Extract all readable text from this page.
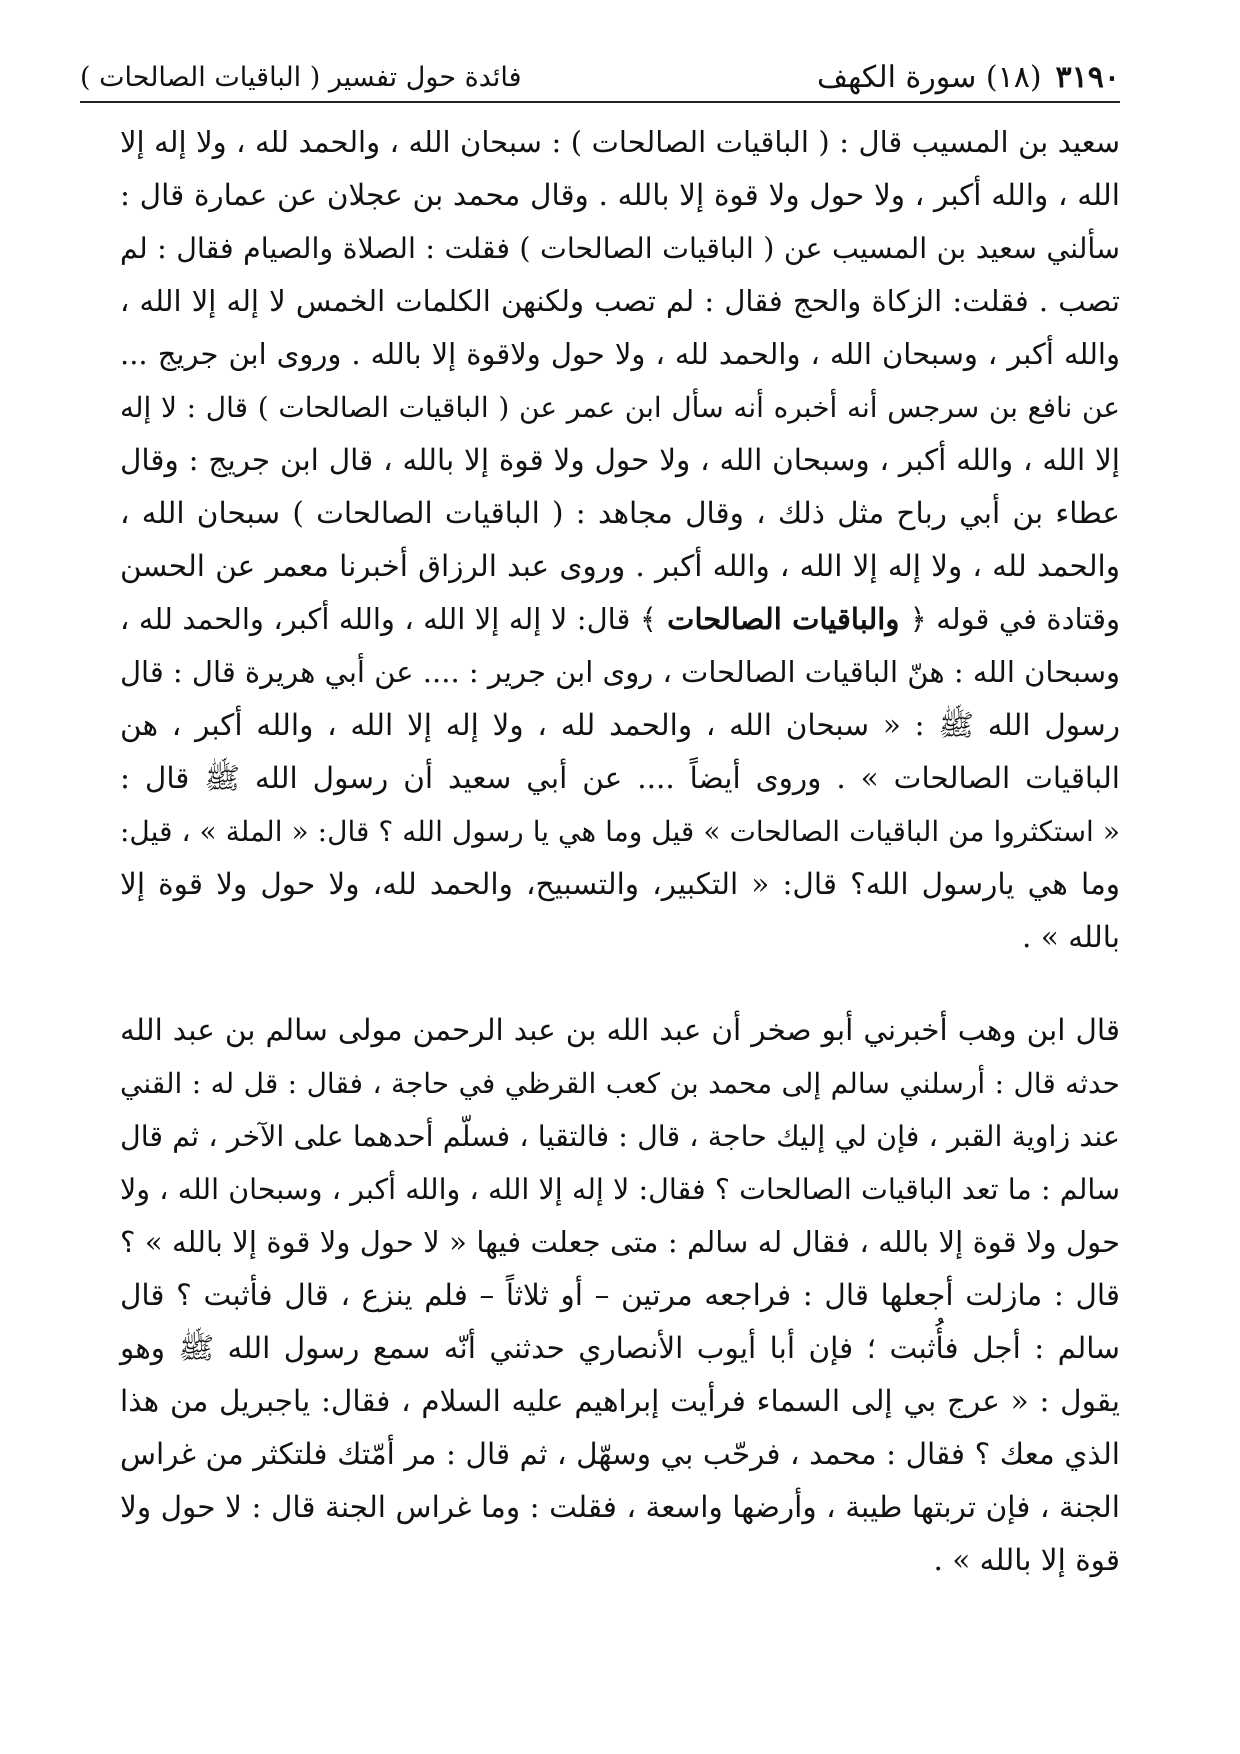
٣١٩٠(١٨) سورة الكهف
فائدة حول تفسير ( الباقيات الصالحات )
سعيد بن المسيب قال : ( الباقيات الصالحات ) : سبحان الله ، والحمد لله ، ولا إله إلا
الله ، والله أكبر ، ولا حول ولا قوة إلا بالله . وقال محمد بن عجلان عن عمارة قال :
سألني سعيد بن المسيب عن ( الباقيات الصالحات ) فقلت : الصلاة والصيام فقال : لم
تصب . فقلت: الزكاة والحج فقال : لم تصب ولكنهن الكلمات الخمس لا إله إلا الله ،
والله أكبر ، وسبحان الله ، والحمد لله ، ولا حول ولاقوة إلا بالله . وروى ابن جريج ...
عن نافع بن سرجس أنه أخبره أنه سأل ابن عمر عن ( الباقيات الصالحات ) قال : لا إله
إلا الله ، والله أكبر ، وسبحان الله ، ولا حول ولا قوة إلا بالله ، قال ابن جريج : وقال
عطاء بن أبي رباح مثل ذلك ، وقال مجاهد : ( الباقيات الصالحات ) سبحان الله ،
والحمد لله ، ولا إله إلا الله ، والله أكبر . وروى عبد الرزاق أخبرنا معمر عن الحسن
وقتادة في قوله ﴿ والباقيات الصالحات ﴾ قال: لا إله إلا الله ، والله أكبر، والحمد لله ،
وسبحان الله : هنّ الباقيات الصالحات ، روى ابن جرير : .... عن أبي هريرة قال : قال
رسول الله ﷺ : « سبحان الله ، والحمد لله ، ولا إله إلا الله ، والله أكبر ، هن
الباقيات الصالحات » . وروى أيضاً .... عن أبي سعيد أن رسول الله ﷺ قال :
« استكثروا من الباقيات الصالحات » قيل وما هي يا رسول الله ؟ قال: « الملة » ، قيل:
وما هي يارسول الله؟ قال: « التكبير، والتسبيح، والحمد لله، ولا حول ولا قوة إلا
بالله » .
قال ابن وهب أخبرني أبو صخر أن عبد الله بن عبد الرحمن مولى سالم بن عبد الله
حدثه قال : أرسلني سالم إلى محمد بن كعب القرظي في حاجة ، فقال : قل له : القني
عند زاوية القبر ، فإن لي إليك حاجة ، قال : فالتقيا ، فسلّم أحدهما على الآخر ، ثم قال
سالم : ما تعد الباقيات الصالحات ؟ فقال: لا إله إلا الله ، والله أكبر ، وسبحان الله ، ولا
حول ولا قوة إلا بالله ، فقال له سالم : متى جعلت فيها « لا حول ولا قوة إلا بالله » ؟
قال : مازلت أجعلها قال : فراجعه مرتين – أو ثلاثاً – فلم ينزع ، قال فأثبت ؟ قال
سالم : أجل فأُثبت ؛ فإن أبا أيوب الأنصاري حدثني أنّه سمع رسول الله ﷺ وهو
يقول : « عرج بي إلى السماء فرأيت إبراهيم عليه السلام ، فقال: ياجبريل من هذا
الذي معك ؟ فقال : محمد ، فرحّب بي وسهّل ، ثم قال : مر أمّتك فلتكثر من غراس
الجنة ، فإن تربتها طيبة ، وأرضها واسعة ، فقلت : وما غراس الجنة قال : لا حول ولا
قوة إلا بالله » .
